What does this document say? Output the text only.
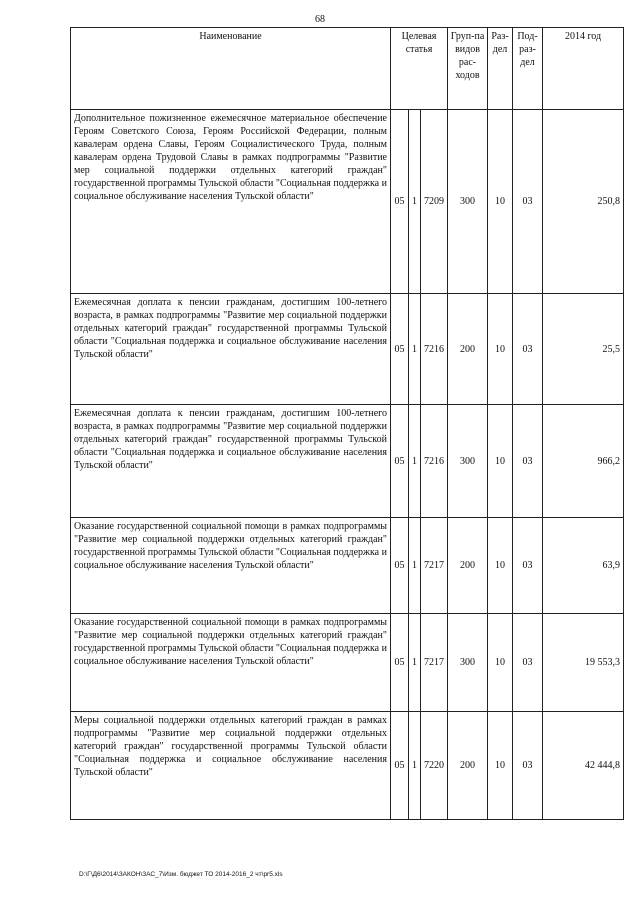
68
Наименование	Целевая статья			Груп-па видов рас-ходов	Раз-дел	Под-раз-дел	2014 год
Дополнительное пожизненное ежемесячное материальное обеспечение Героям Советского Союза, Героям Российской Федерации, полным кавалерам ордена Славы, Героям Социалистического Труда, полным кавалерам ордена Трудовой Славы в рамках подпрограммы "Развитие мер социальной поддержки отдельных категорий граждан" государственной программы Тульской области "Социальная поддержка и социальное обслуживание населения Тульской области"	05	1	7209	300	10	03	250,8
Ежемесячная доплата к пенсии гражданам, достигшим 100-летнего возраста, в рамках подпрограммы "Развитие мер социальной поддержки отдельных категорий граждан" государственной программы Тульской области "Социальная поддержка и социальное обслуживание населения Тульской области"	05	1	7216	200	10	03	25,5
Ежемесячная доплата к пенсии гражданам, достигшим 100-летнего возраста, в рамках подпрограммы "Развитие мер социальной поддержки отдельных категорий граждан" государственной программы Тульской области "Социальная поддержка и социальное обслуживание населения Тульской области"	05	1	7216	300	10	03	966,2
Оказание государственной социальной помощи в рамках подпрограммы "Развитие мер социальной поддержки отдельных категорий граждан" государственной программы Тульской области "Социальная поддержка и социальное обслуживание населения Тульской области"	05	1	7217	200	10	03	63,9
Оказание государственной социальной помощи в рамках подпрограммы "Развитие мер социальной поддержки отдельных категорий граждан" государственной программы Тульской области "Социальная поддержка и социальное обслуживание населения Тульской области"	05	1	7217	300	10	03	19 553,3
Меры социальной поддержки отдельных категорий граждан в рамках подпрограммы "Развитие мер социальной поддержки отдельных категорий граждан" государственной программы Тульской области "Социальная поддержка и социальное обслуживание населения Тульской области"	05	1	7220	200	10	03	42 444,8
D:\Г\Д6\2014\ЗАКОН\ЗАС_7\Изм. бюджет ТО 2014-2016_2 чт\pr5.xls
